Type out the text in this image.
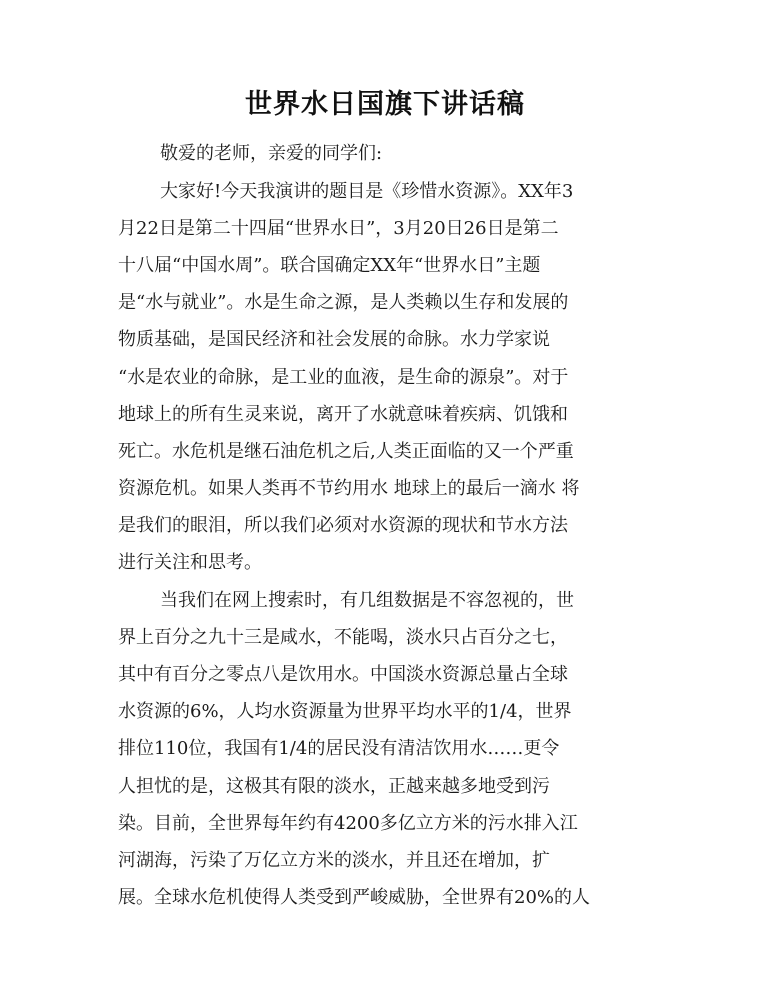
世界水日国旗下讲话稿
敬爱的老师，亲爱的同学们:
大家好!今天我演讲的题目是《珍惜水资源》。XX年3
月22日是第二十四届“世界水日”，3月20日26日是第二
十八届“中国水周”。联合国确定XX年“世界水日”主题
是“水与就业”。水是生命之源，是人类赖以生存和发展的
物质基础，是国民经济和社会发展的命脉。水力学家说
“水是农业的命脉，是工业的血液，是生命的源泉”。对于
地球上的所有生灵来说，离开了水就意味着疾病、饥饿和
死亡。水危机是继石油危机之后,人类正面临的又一个严重
资源危机。如果人类再不节约用水 地球上的最后一滴水 将
是我们的眼泪，所以我们必须对水资源的现状和节水方法
进行关注和思考。
当我们在网上搜索时，有几组数据是不容忽视的，世
界上百分之九十三是咸水，不能喝，淡水只占百分之七，
其中有百分之零点八是饮用水。中国淡水资源总量占全球
水资源的6%，人均水资源量为世界平均水平的1/4，世界
排位110位，我国有1/4的居民没有清洁饮用水……更令
人担忧的是，这极其有限的淡水，正越来越多地受到污
染。目前，全世界每年约有4200多亿立方米的污水排入江
河湖海，污染了万亿立方米的淡水，并且还在增加，扩
展。全球水危机使得人类受到严峻威胁，全世界有20%的人
